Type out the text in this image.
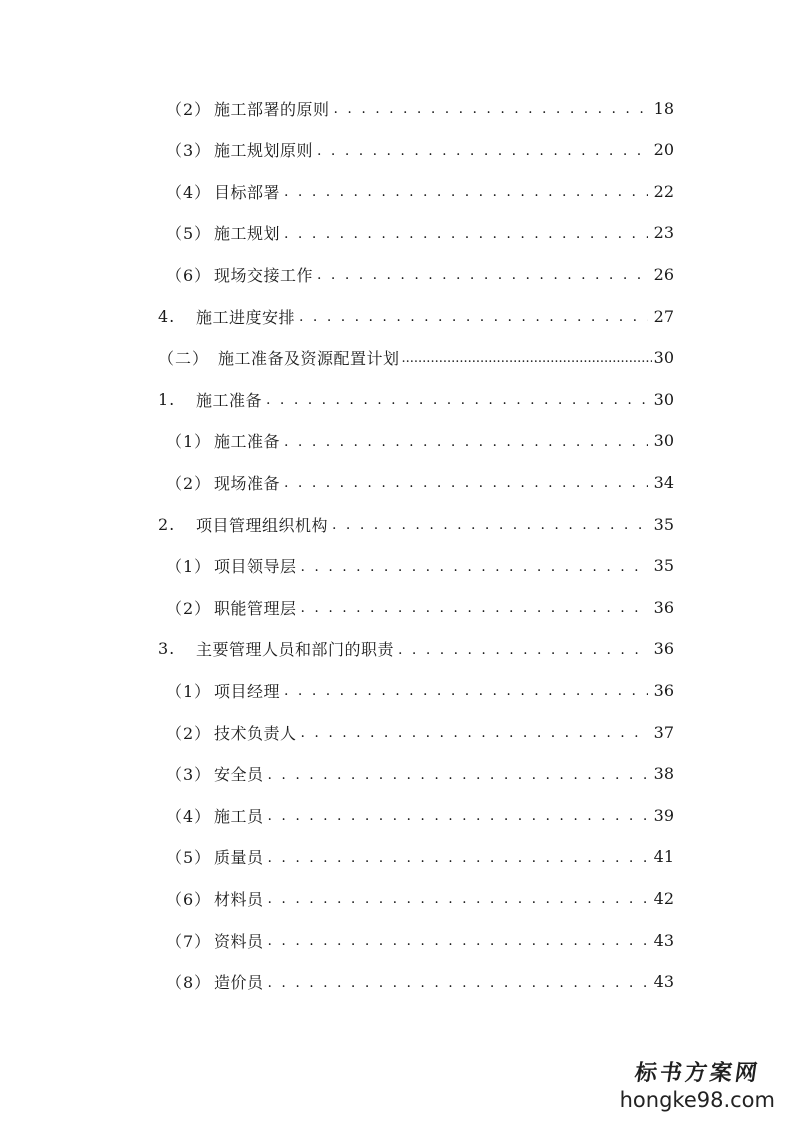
（2） 施工部署的原则 . . .	18
（3） 施工规划原则 . . .	20
（4） 目标部署 . . .	22
（5） 施工规划 . . .	23
（6） 现场交接工作 . . .	26
4.	施工进度安排 . . .	27
（二） 施工准备及资源配置计划 .....	30
1.	施工准备 . . .	30
（1） 施工准备 . . .	30
（2） 现场准备 . . .	34
2.	项目管理组织机构 . . .	35
（1） 项目领导层 . . .	35
（2） 职能管理层 . . .	36
3.	主要管理人员和部门的职责 . . .	36
（1） 项目经理 . . .	36
（2） 技术负责人 . . .	37
（3） 安全员 . . .	38
（4） 施工员 . . .	39
（5） 质量员 . . .	41
（6） 材料员 . . .	42
（7） 资料员 . . .	43
（8） 造价员 . . .	43
标书方案网
hongke98.com
